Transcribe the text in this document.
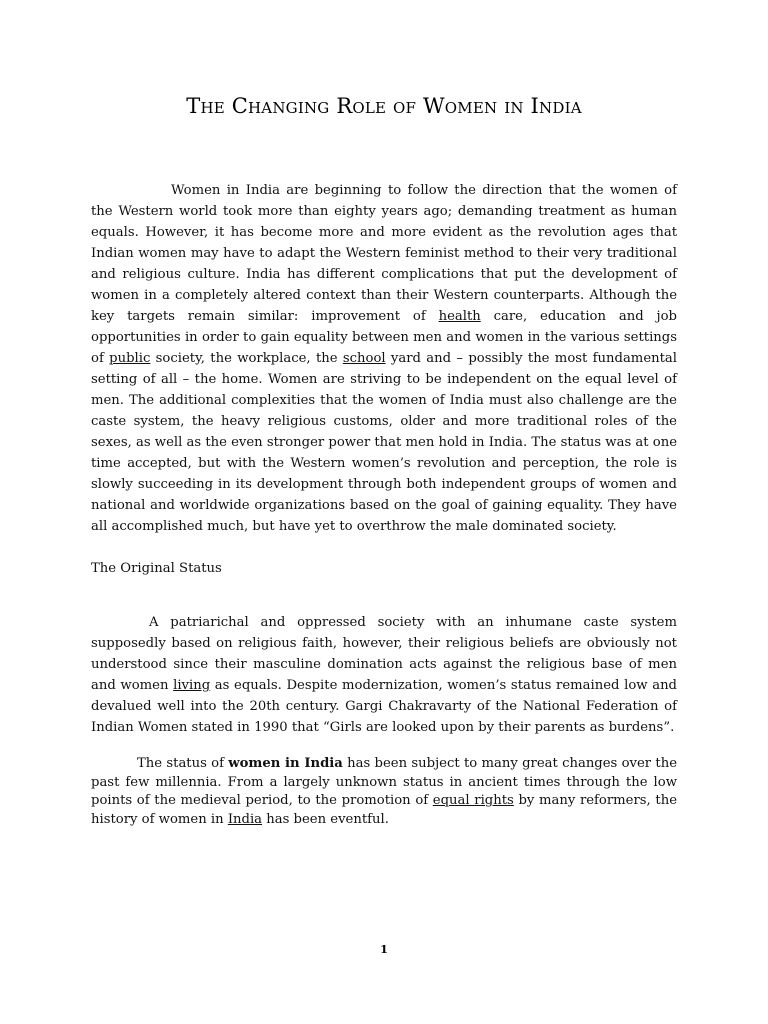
The Changing Role of Women in India

Women in India are beginning to follow the direction that the women of the Western world took more than eighty years ago; demanding treatment as human equals. However, it has become more and more evident as the revolution ages that Indian women may have to adapt the Western feminist method to their very traditional and religious culture. India has different complications that put the development of women in a completely altered context than their Western counterparts. Although the key targets remain similar: improvement of health care, education and job opportunities in order to gain equality between men and women in the various settings of public society, the workplace, the school yard and – possibly the most fundamental setting of all – the home. Women are striving to be independent on the equal level of men. The additional complexities that the women of India must also challenge are the caste system, the heavy religious customs, older and more traditional roles of the sexes, as well as the even stronger power that men hold in India. The status was at one time accepted, but with the Western women’s revolution and perception, the role is slowly succeeding in its development through both independent groups of women and national and worldwide organizations based on the goal of gaining equality. They have all accomplished much, but have yet to overthrow the male dominated society.

The Original Status

A patriarichal and oppressed society with an inhumane caste system supposedly based on religious faith, however, their religious beliefs are obviously not understood since their masculine domination acts against the religious base of men and women living as equals. Despite modernization, women’s status remained low and devalued well into the 20th century. Gargi Chakravarty of the National Federation of Indian Women stated in 1990 that “Girls are looked upon by their parents as burdens”.

The status of women in India has been subject to many great changes over the past few millennia. From a largely unknown status in ancient times through the low points of the medieval period, to the promotion of equal rights by many reformers, the history of women in India has been eventful.

1
